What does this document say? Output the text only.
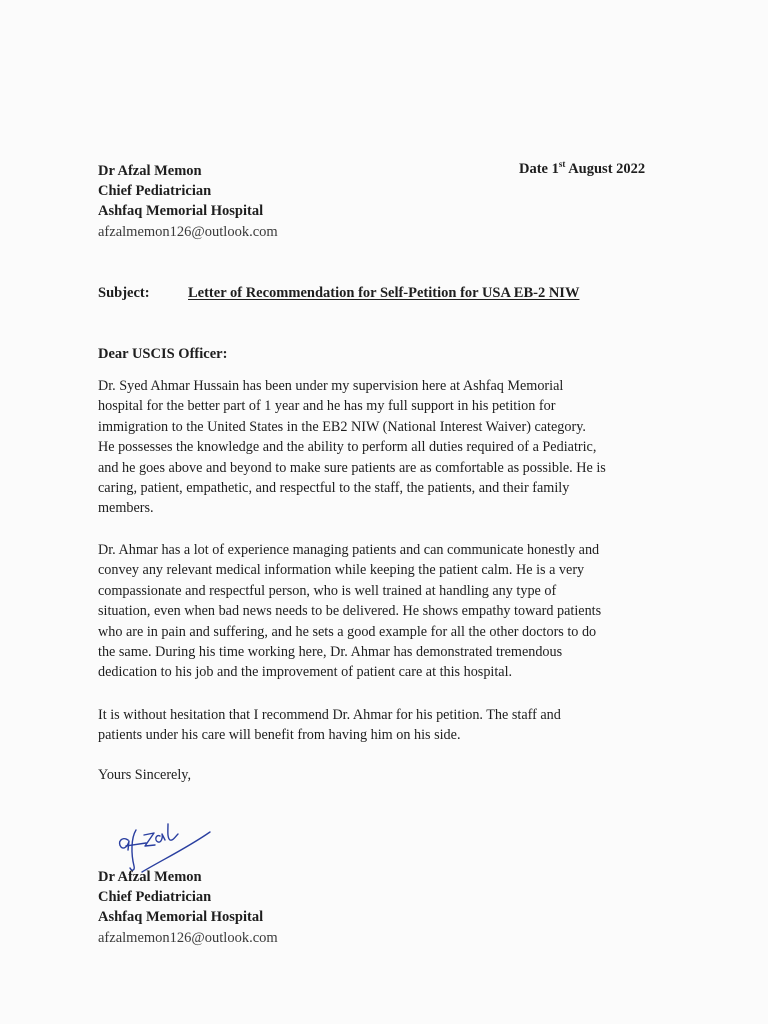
Dr Afzal Memon
Chief Pediatrician
Ashfaq Memorial Hospital
afzalmemon126@outlook.com
Date 1st August 2022
Subject:	Letter of Recommendation for Self-Petition for USA EB-2 NIW
Dear USCIS Officer:
Dr. Syed Ahmar Hussain has been under my supervision here at Ashfaq Memorial
hospital for the better part of 1 year and he has my full support in his petition for
immigration to the United States in the EB2 NIW (National Interest Waiver) category.
He possesses the knowledge and the ability to perform all duties required of a Pediatric,
and he goes above and beyond to make sure patients are as comfortable as possible. He is
caring, patient, empathetic, and respectful to the staff, the patients, and their family
members.
Dr. Ahmar has a lot of experience managing patients and can communicate honestly and
convey any relevant medical information while keeping the patient calm. He is a very
compassionate and respectful person, who is well trained at handling any type of
situation, even when bad news needs to be delivered. He shows empathy toward patients
who are in pain and suffering, and he sets a good example for all the other doctors to do
the same. During his time working here, Dr. Ahmar has demonstrated tremendous
dedication to his job and the improvement of patient care at this hospital.
It is without hesitation that I recommend Dr. Ahmar for his petition. The staff and
patients under his care will benefit from having him on his side.
Yours Sincerely,
Dr Afzal Memon
Chief Pediatrician
Ashfaq Memorial Hospital
afzalmemon126@outlook.com
